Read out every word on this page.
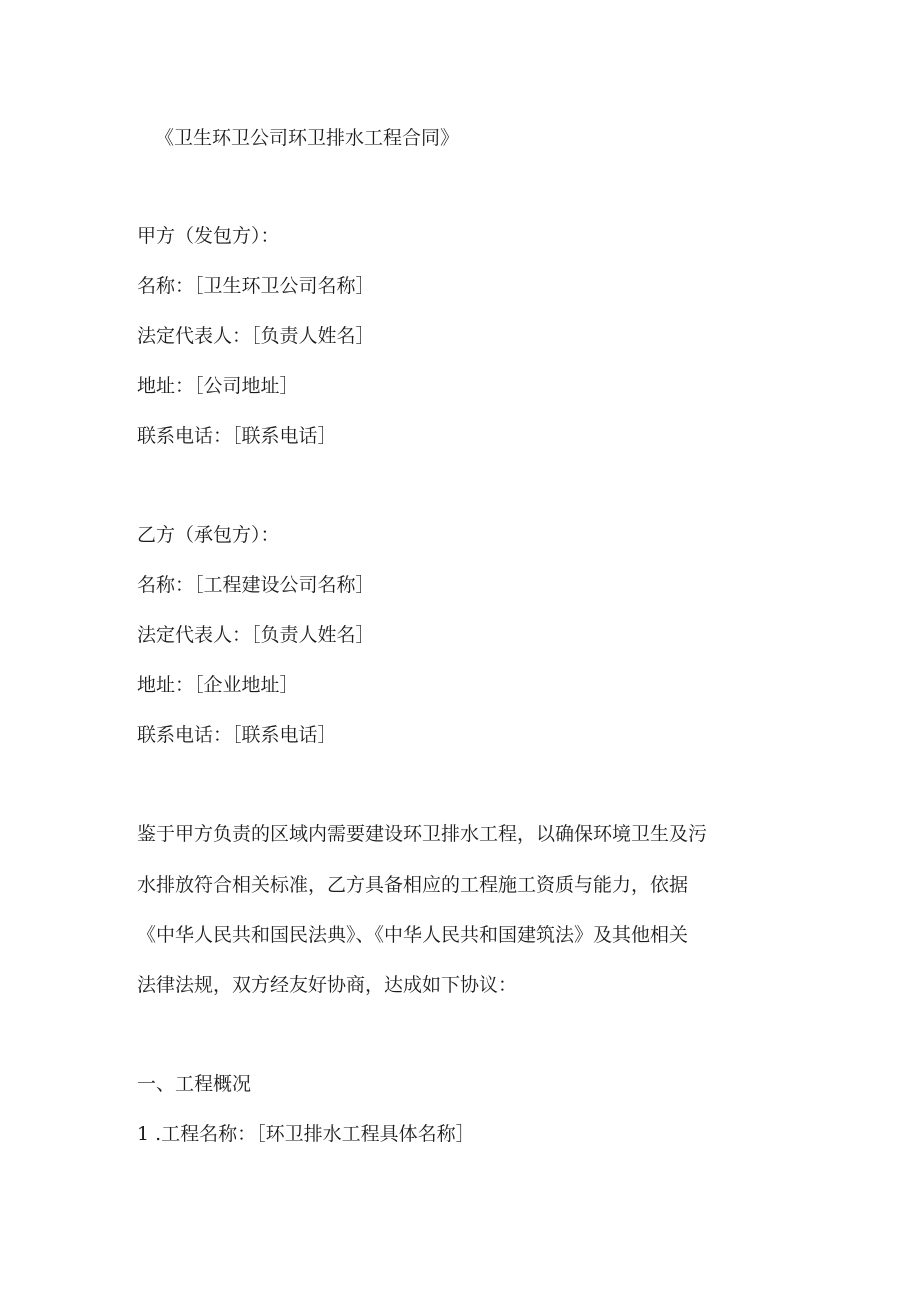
《卫生环卫公司环卫排水工程合同》

甲方（发包方）：

名称：［卫生环卫公司名称］

法定代表人：［负责人姓名］

地址：［公司地址］

联系电话：［联系电话］

乙方（承包方）：

名称：［工程建设公司名称］

法定代表人：［负责人姓名］

地址：［企业地址］

联系电话：［联系电话］

鉴于甲方负责的区域内需要建设环卫排水工程，以确保环境卫生及污

水排放符合相关标准，乙方具备相应的工程施工资质与能力，依据

《中华人民共和国民法典》、《中华人民共和国建筑法》及其他相关

法律法规，双方经友好协商，达成如下协议：

一、工程概况

1 .工程名称：［环卫排水工程具体名称］
